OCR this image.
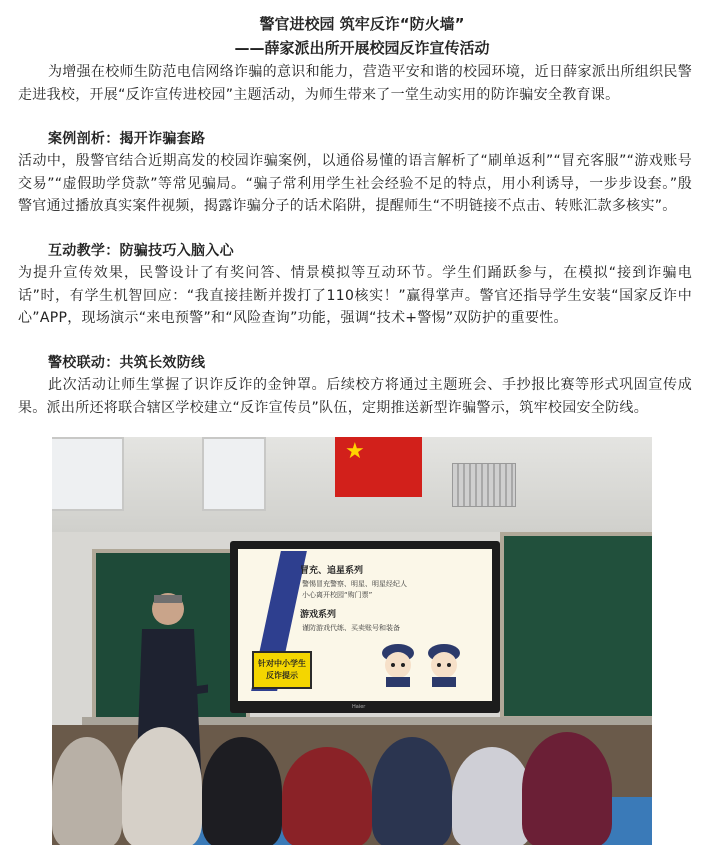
警官进校园 筑牢反诈“防火墙”
——薛家派出所开展校园反诈宣传活动
为增强在校师生防范电信网络诈骗的意识和能力，营造平安和谐的校园环境，近日薛家派出所组织民警走进我校，开展“反诈宣传进校园”主题活动，为师生带来了一堂生动实用的防诈骗安全教育课。
案例剖析：揭开诈骗套路
活动中，殷警官结合近期高发的校园诈骗案例，以通俗易懂的语言解析了“刷单返利”“冒充客服”“游戏账号交易”“虚假助学贷款”等常见骗局。“骗子常利用学生社会经验不足的特点，用小利诱导，一步步设套。”殷警官通过播放真实案件视频，揭露诈骗分子的话术陷阱，提醒师生“不明链接不点击、转账汇款多核实”。
互动教学：防骗技巧入脑入心
为提升宣传效果，民警设计了有奖问答、情景模拟等互动环节。学生们踊跃参与，在模拟“接到诈骗电话”时，有学生机智回应：“我直接挂断并拨打了110核实！”赢得掌声。警官还指导学生安装“国家反诈中心”APP，现场演示“来电预警”和“风险查询”功能，强调“技术+警惕”双防护的重要性。
警校联动：共筑长效防线
此次活动让师生掌握了识诈反诈的金钟罩。后续校方将通过主题班会、手抄报比赛等形式巩固宣传成果。派出所还将联合辖区学校建立“反诈宣传员”队伍，定期推送新型诈骗警示，筑牢校园安全防线。
★
冒充、追星系列
警惕冒充警察、明星、明星经纪人
小心离开校园“购门票”
游戏系列
谨防游戏代练、买卖账号和装备
针对中小学生
反诈提示
Haier
